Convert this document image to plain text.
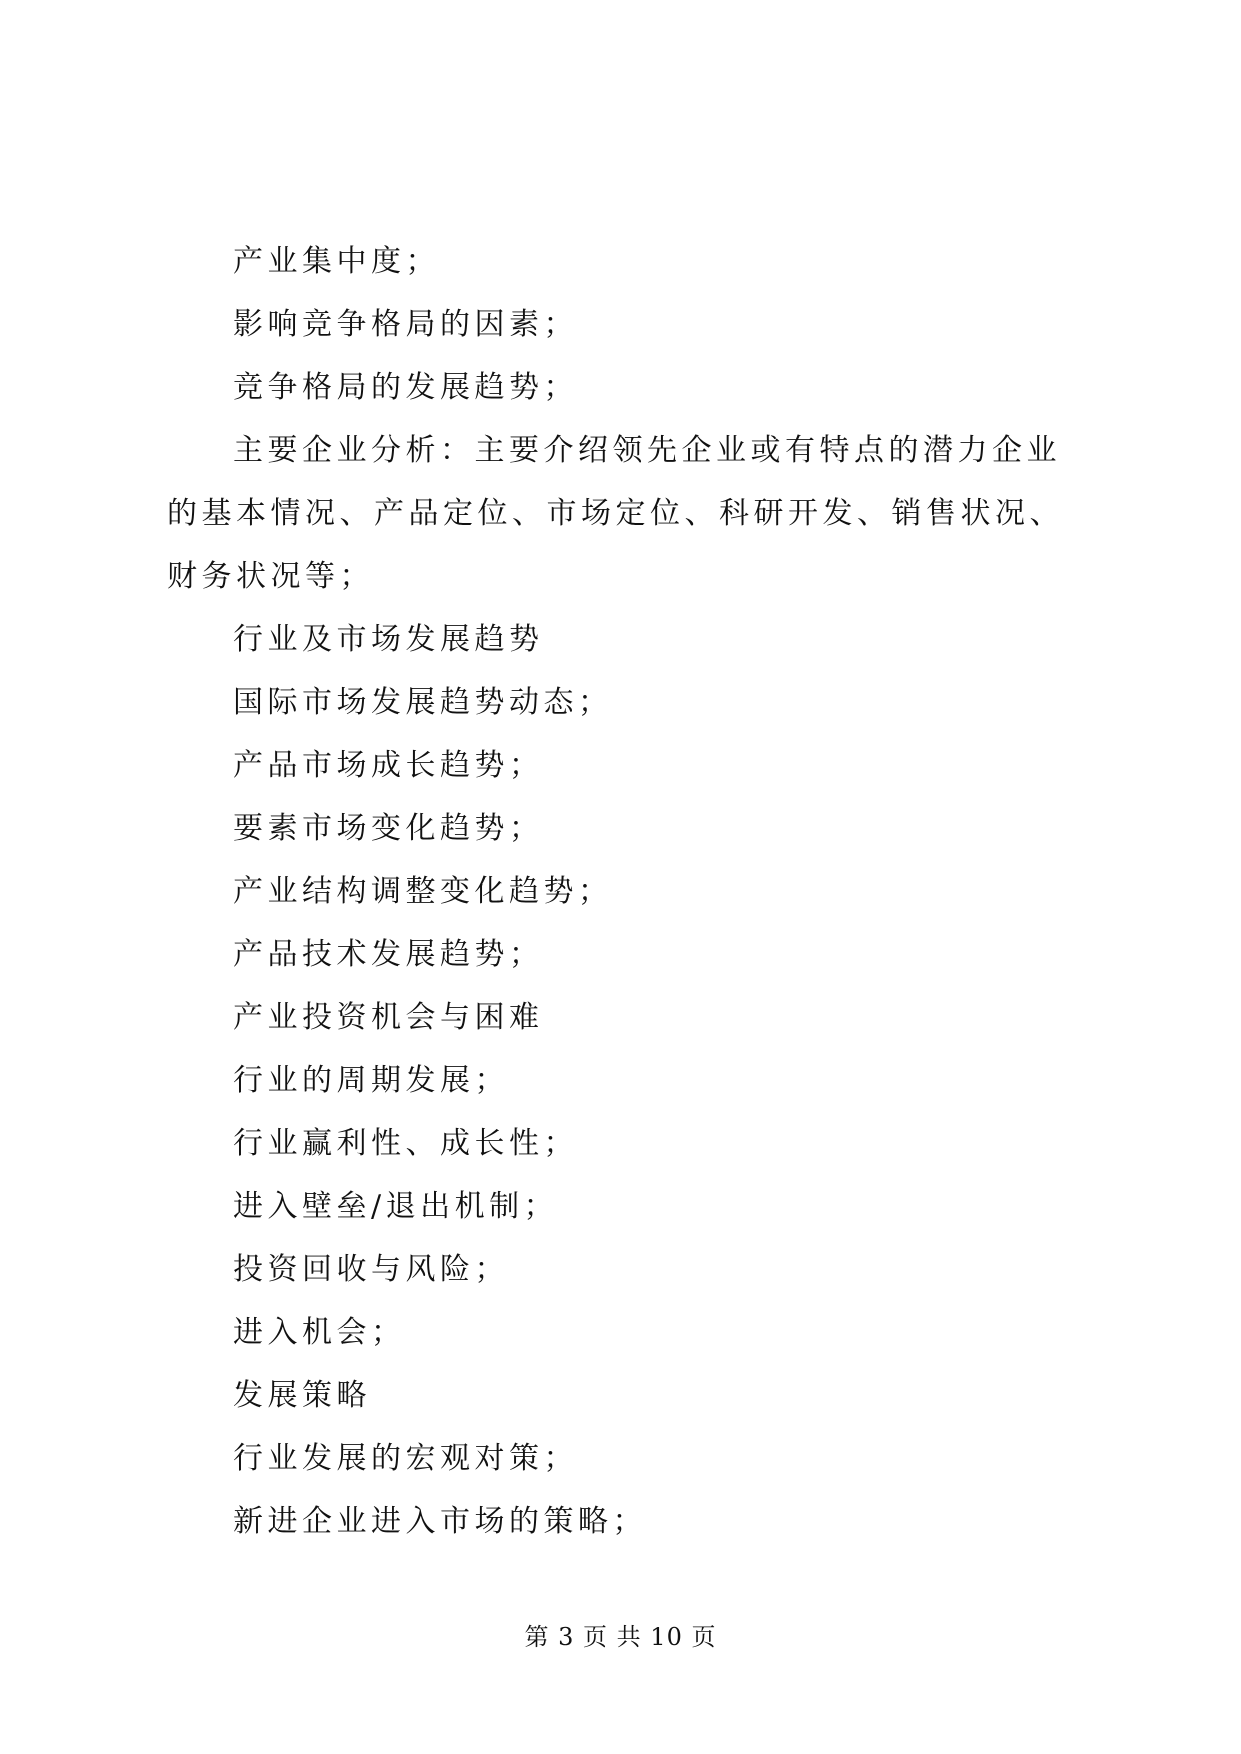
产业集中度；

影响竞争格局的因素；

竞争格局的发展趋势；

主要企业分析：主要介绍领先企业或有特点的潜力企业的基本情况、产品定位、市场定位、科研开发、销售状况、财务状况等；

行业及市场发展趋势

国际市场发展趋势动态；

产品市场成长趋势；

要素市场变化趋势；

产业结构调整变化趋势；

产品技术发展趋势；

产业投资机会与困难

行业的周期发展；

行业赢利性、成长性；

进入壁垒/退出机制；

投资回收与风险；

进入机会；

发展策略

行业发展的宏观对策；

新进企业进入市场的策略；

第 3 页 共 10 页
